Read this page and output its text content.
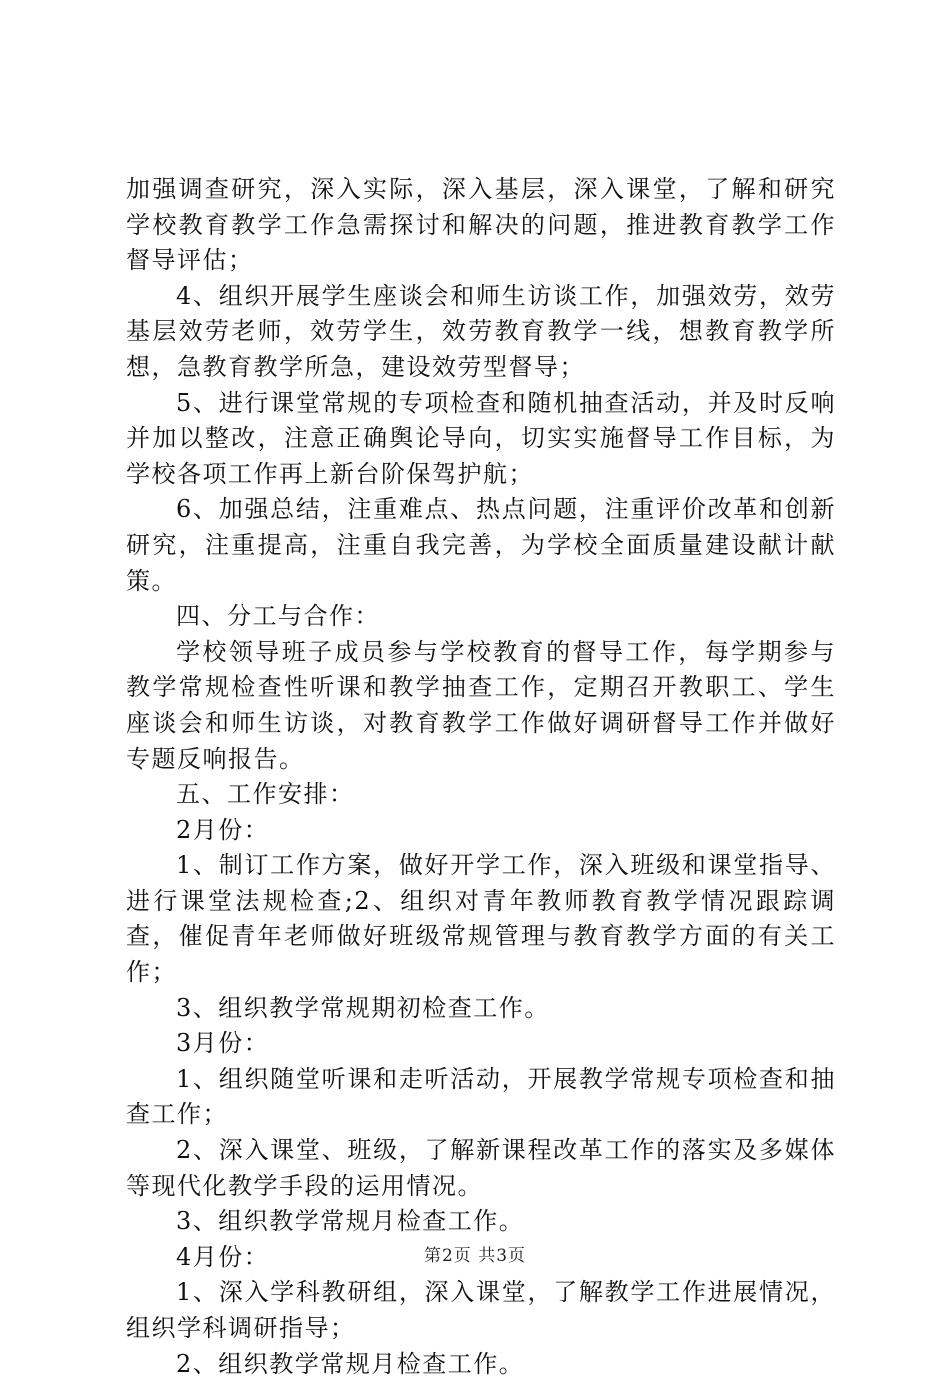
加强调查研究，深入实际，深入基层，深入课堂，了解和研究学校教育教学工作急需探讨和解决的问题，推进教育教学工作督导评估；

4、组织开展学生座谈会和师生访谈工作，加强效劳，效劳基层效劳老师，效劳学生，效劳教育教学一线，想教育教学所想，急教育教学所急，建设效劳型督导；

5、进行课堂常规的专项检查和随机抽查活动，并及时反响并加以整改，注意正确舆论导向，切实实施督导工作目标，为学校各项工作再上新台阶保驾护航；

6、加强总结，注重难点、热点问题，注重评价改革和创新研究，注重提高，注重自我完善，为学校全面质量建设献计献策。

四、分工与合作：

学校领导班子成员参与学校教育的督导工作，每学期参与教学常规检查性听课和教学抽查工作，定期召开教职工、学生座谈会和师生访谈，对教育教学工作做好调研督导工作并做好专题反响报告。

五、工作安排：

2月份：

1、制订工作方案，做好开学工作，深入班级和课堂指导、进行课堂法规检查;2、组织对青年教师教育教学情况跟踪调查，催促青年老师做好班级常规管理与教育教学方面的有关工作；

3、组织教学常规期初检查工作。

3月份：

1、组织随堂听课和走听活动，开展教学常规专项检查和抽查工作；

2、深入课堂、班级，了解新课程改革工作的落实及多媒体等现代化教学手段的运用情况。

3、组织教学常规月检查工作。

4月份：

1、深入学科教研组，深入课堂，了解教学工作进展情况，组织学科调研指导；

2、组织教学常规月检查工作。

第2页 共3页
